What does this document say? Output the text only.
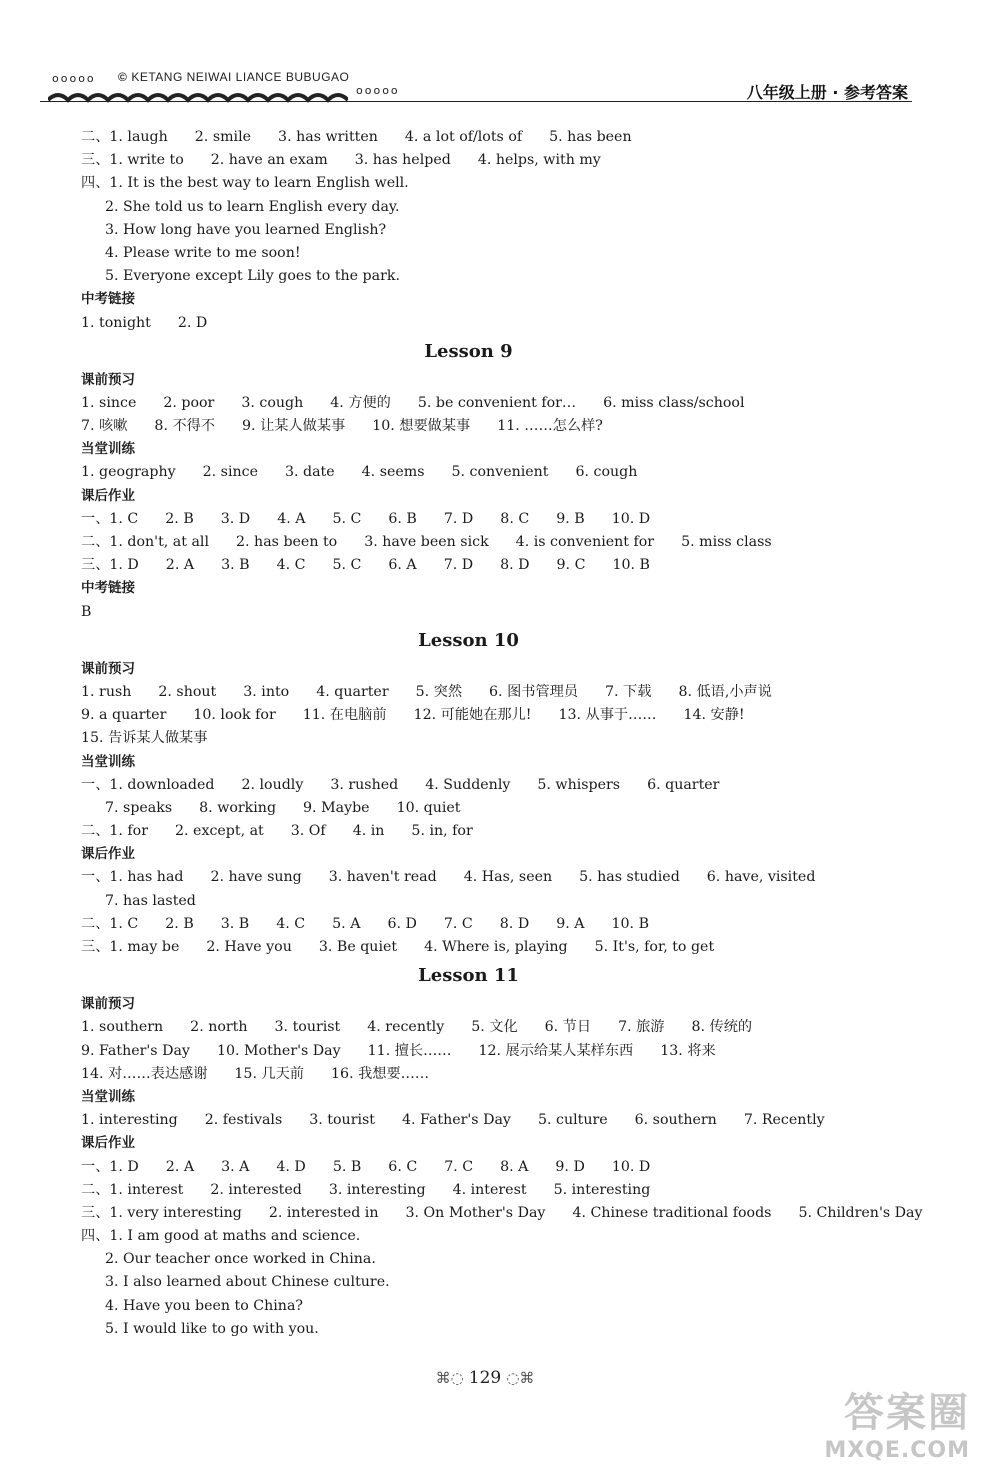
ooooo © KETANG NEIWAI LIANCE BUBUGAO
ooooo	八年级上册 · 参考答案
二、1. laugh 2. smile 3. has written 4. a lot of/lots of 5. has been
三、1. write to 2. have an exam 3. has helped 4. helps, with my
四、1. It is the best way to learn English well.
2. She told us to learn English every day.
3. How long have you learned English?
4. Please write to me soon!
5. Everyone except Lily goes to the park.
中考链接
1. tonight 2. D
Lesson 9
课前预习
1. since 2. poor 3. cough 4. 方便的 5. be convenient for… 6. miss class/school
7. 咳嗽 8. 不得不 9. 让某人做某事 10. 想要做某事 11. ……怎么样?
当堂训练
1. geography 2. since 3. date 4. seems 5. convenient 6. cough
课后作业
一、1. C 2. B 3. D 4. A 5. C 6. B 7. D 8. C 9. B 10. D
二、1. don't, at all 2. has been to 3. have been sick 4. is convenient for 5. miss class
三、1. D 2. A 3. B 4. C 5. C 6. A 7. D 8. D 9. C 10. B
中考链接
B
Lesson 10
课前预习
1. rush 2. shout 3. into 4. quarter 5. 突然 6. 图书管理员 7. 下载 8. 低语,小声说
9. a quarter 10. look for 11. 在电脑前 12. 可能她在那儿! 13. 从事于…… 14. 安静!
15. 告诉某人做某事
当堂训练
一、1. downloaded 2. loudly 3. rushed 4. Suddenly 5. whispers 6. quarter
7. speaks 8. working 9. Maybe 10. quiet
二、1. for 2. except, at 3. Of 4. in 5. in, for
课后作业
一、1. has had 2. have sung 3. haven't read 4. Has, seen 5. has studied 6. have, visited
7. has lasted
二、1. C 2. B 3. B 4. C 5. A 6. D 7. C 8. D 9. A 10. B
三、1. may be 2. Have you 3. Be quiet 4. Where is, playing 5. It's, for, to get
Lesson 11
课前预习
1. southern 2. north 3. tourist 4. recently 5. 文化 6. 节日 7. 旅游 8. 传统的
9. Father's Day 10. Mother's Day 11. 擅长…… 12. 展示给某人某样东西 13. 将来
14. 对……表达感谢 15. 几天前 16. 我想要……
当堂训练
1. interesting 2. festivals 3. tourist 4. Father's Day 5. culture 6. southern 7. Recently
课后作业
一、1. D 2. A 3. A 4. D 5. B 6. C 7. C 8. A 9. D 10. D
二、1. interest 2. interested 3. interesting 4. interest 5. interesting
三、1. very interesting 2. interested in 3. On Mother's Day 4. Chinese traditional foods 5. Children's Day
四、1. I am good at maths and science.
2. Our teacher once worked in China.
3. I also learned about Chinese culture.
4. Have you been to China?
5. I would like to go with you.
⌘◌ 129 ◌⌘
答案圈
MXQE.COM
